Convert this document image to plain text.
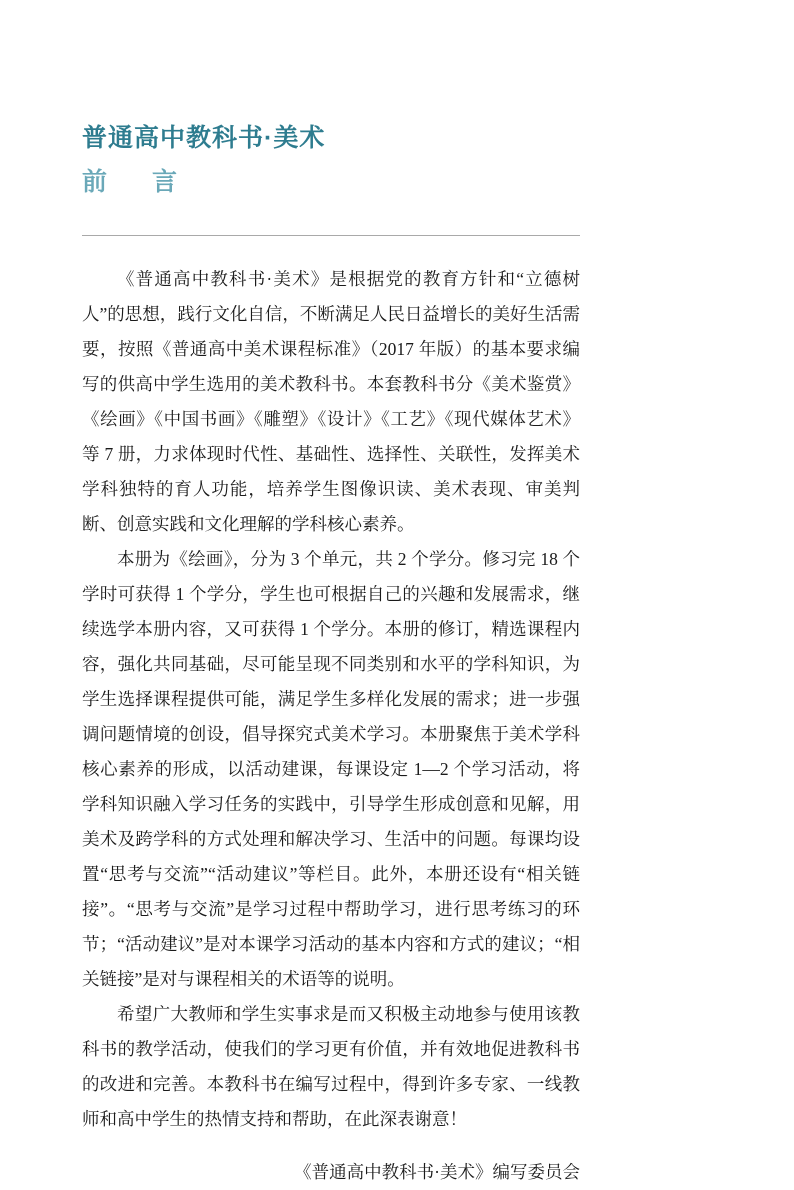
普通高中教科书·美术
前　言

《普通高中教科书·美术》是根据党的教育方针和“立德树人”的思想，践行文化自信，不断满足人民日益增长的美好生活需要，按照《普通高中美术课程标准》（2017 年版）的基本要求编写的供高中学生选用的美术教科书。本套教科书分《美术鉴赏》《绘画》《中国书画》《雕塑》《设计》《工艺》《现代媒体艺术》等 7 册，力求体现时代性、基础性、选择性、关联性，发挥美术学科独特的育人功能，培养学生图像识读、美术表现、审美判断、创意实践和文化理解的学科核心素养。

本册为《绘画》，分为 3 个单元，共 2 个学分。修习完 18 个学时可获得 1 个学分，学生也可根据自己的兴趣和发展需求，继续选学本册内容，又可获得 1 个学分。本册的修订，精选课程内容，强化共同基础，尽可能呈现不同类别和水平的学科知识，为学生选择课程提供可能，满足学生多样化发展的需求；进一步强调问题情境的创设，倡导探究式美术学习。本册聚焦于美术学科核心素养的形成，以活动建课，每课设定 1—2 个学习活动，将学科知识融入学习任务的实践中，引导学生形成创意和见解，用美术及跨学科的方式处理和解决学习、生活中的问题。每课均设置“思考与交流”“活动建议”等栏目。此外，本册还设有“相关链接”。“思考与交流”是学习过程中帮助学习，进行思考练习的环节；“活动建议”是对本课学习活动的基本内容和方式的建议；“相关链接”是对与课程相关的术语等的说明。

希望广大教师和学生实事求是而又积极主动地参与使用该教科书的教学活动，使我们的学习更有价值，并有效地促进教科书的改进和完善。本教科书在编写过程中，得到许多专家、一线教师和高中学生的热情支持和帮助，在此深表谢意！

《普通高中教科书·美术》编写委员会
